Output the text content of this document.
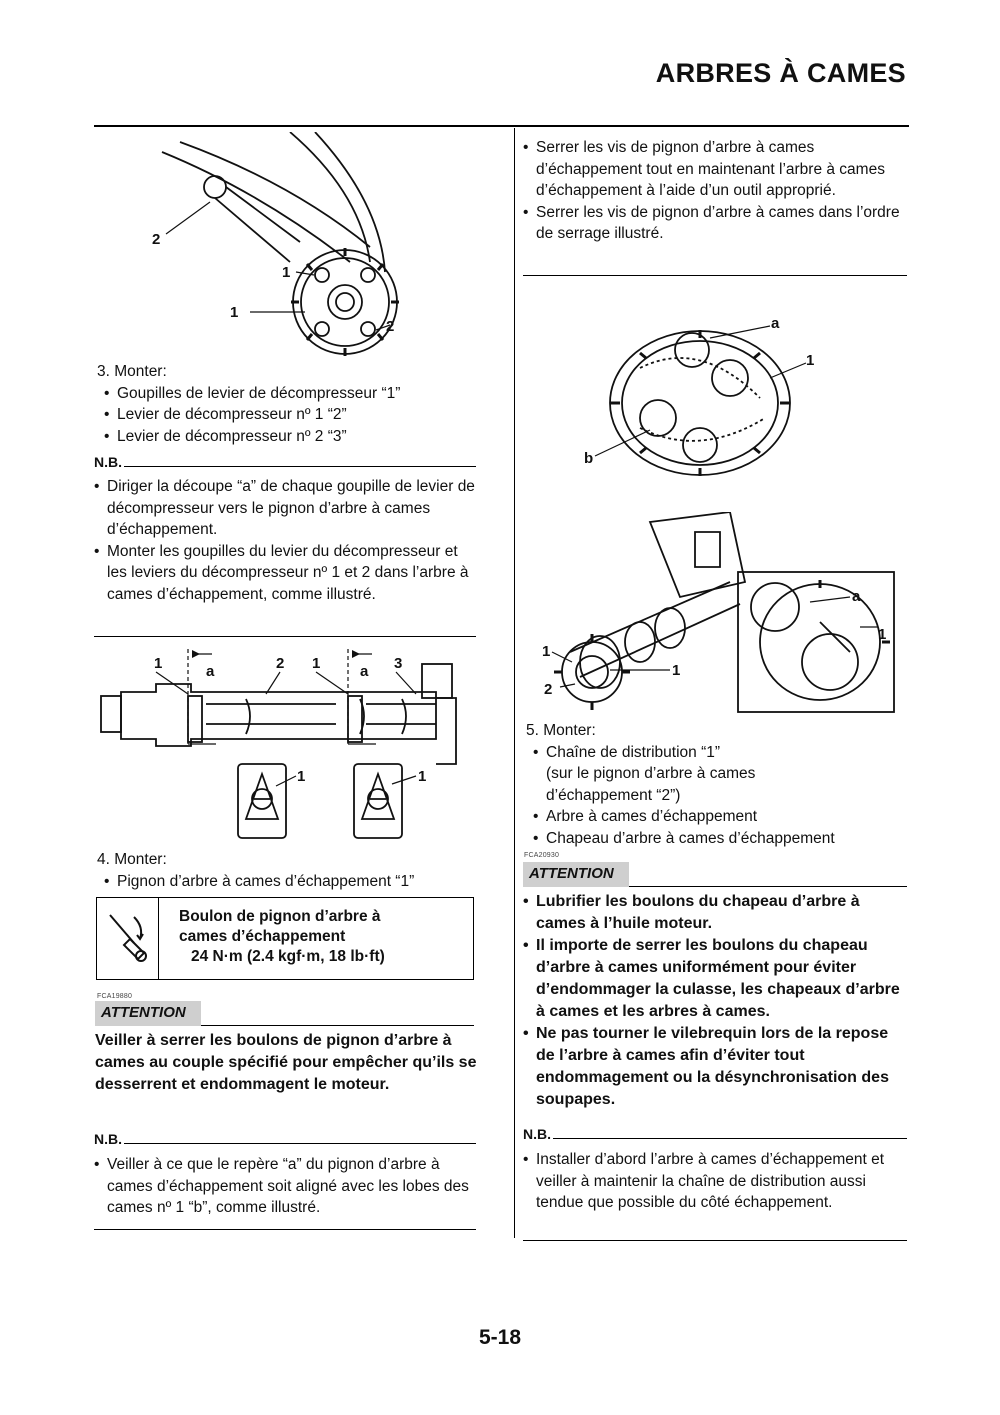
ARBRES À CAMES
2
1
1
2
3. Monter:
• Goupilles de levier de décompresseur “1”
• Levier de décompresseur nº 1 “2”
• Levier de décompresseur nº 2 “3”
N.B.
• Diriger la découpe “a” de chaque goupille de levier de décompresseur vers le pignon d’arbre à cames d’échappement.
• Monter les goupilles du levier du décompresseur et les leviers du décompresseur nº 1 et 2 dans l’arbre à cames d’échappement, comme illustré.
1	a	2 1	a 3
1	1
4. Monter:
• Pignon d’arbre à cames d’échappement “1”
Boulon de pignon d’arbre à
cames d’échappement
24 N·m (2.4 kgf·m, 18 lb·ft)
FCA19880
ATTENTION
Veiller à serrer les boulons de pignon d’arbre à cames au couple spécifié pour empêcher qu’ils se desserrent et endommagent le moteur.
N.B.
• Veiller à ce que le repère “a” du pignon d’arbre à cames d’échappement soit aligné avec les lobes des cames nº 1 “b”, comme illustré.
• Serrer les vis de pignon d’arbre à cames d’échappement tout en maintenant l’arbre à cames d’échappement à l’aide d’un outil approprié.
• Serrer les vis de pignon d’arbre à cames dans l’ordre de serrage illustré.
a
1
b
a
1
1
2
1
5. Monter:
• Chaîne de distribution “1”
(sur le pignon d’arbre à cames
d’échappement “2”)
• Arbre à cames d’échappement
• Chapeau d’arbre à cames d’échappement
FCA20930
ATTENTION
• Lubrifier les boulons du chapeau d’arbre à cames à l’huile moteur.
• Il importe de serrer les boulons du chapeau d’arbre à cames uniformément pour éviter d’endommager la culasse, les chapeaux d’arbre à cames et les arbres à cames.
• Ne pas tourner le vilebrequin lors de la repose de l’arbre à cames afin d’éviter tout endommagement ou la désynchronisation des soupapes.
N.B.
• Installer d’abord l’arbre à cames d’échappement et veiller à maintenir la chaîne de distribution aussi tendue que possible du côté échappement.
5-18
